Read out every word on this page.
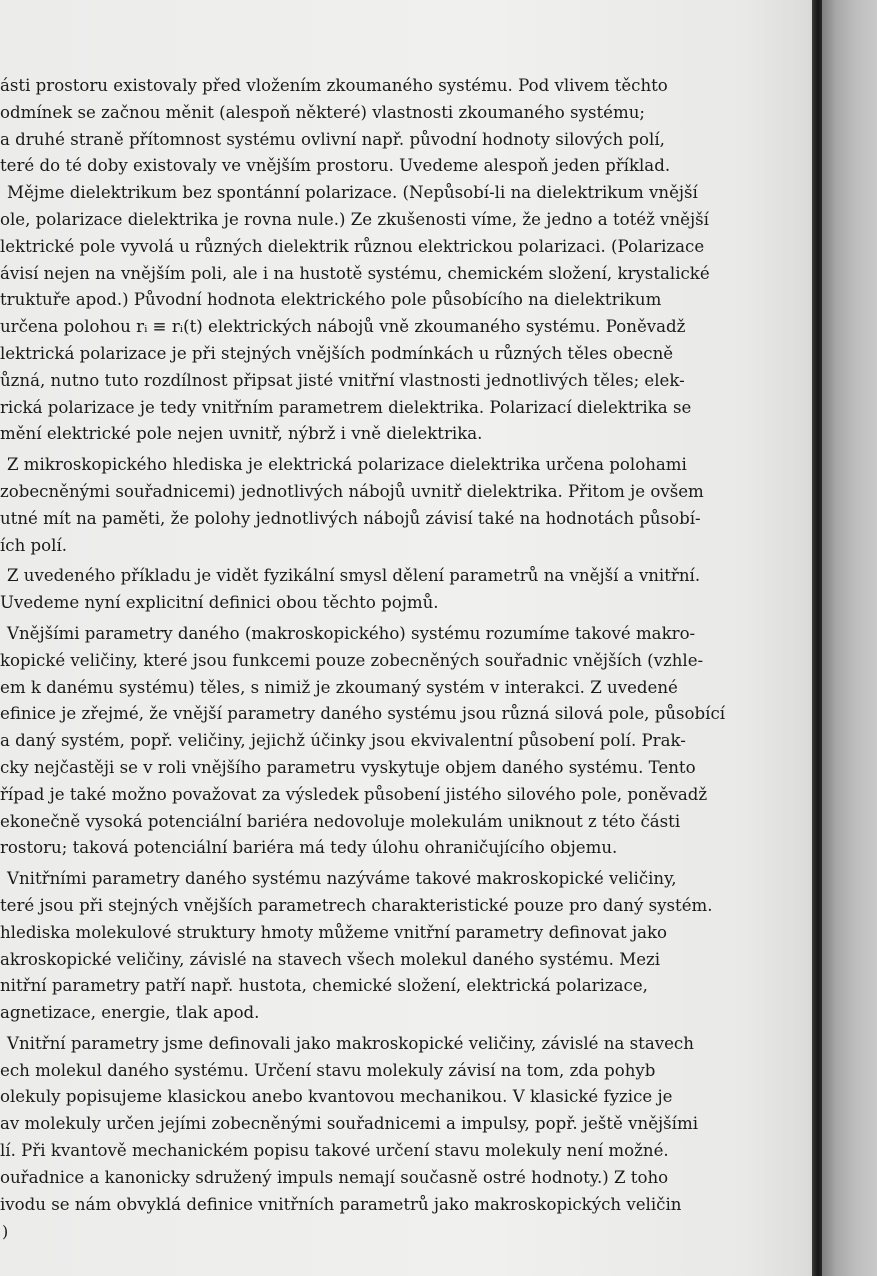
ásti prostoru existovaly před vložením zkoumaného systému. Pod vlivem těchto
odmínek se začnou měnit (alespoň některé) vlastnosti zkoumaného systému;
a druhé straně přítomnost systému ovlivní např. původní hodnoty silových polí,
teré do té doby existovaly ve vnějším prostoru. Uvedeme alespoň jeden příklad.
Mějme dielektrikum bez spontánní polarizace. (Nepůsobí-li na dielektrikum vnější
ole, polarizace dielektrika je rovna nule.) Ze zkušenosti víme, že jedno a totéž vnější
lektrické pole vyvolá u různých dielektrik různou elektrickou polarizaci. (Polarizace
ávisí nejen na vnějším poli, ale i na hustotě systému, chemickém složení, krystalické
truktuře apod.) Původní hodnota elektrického pole působícího na dielektrikum
určena polohou rᵢ ≡ rᵢ(t) elektrických nábojů vně zkoumaného systému. Poněvadž
lektrická polarizace je při stejných vnějších podmínkách u různých těles obecně
ůzná, nutno tuto rozdílnost připsat jisté vnitřní vlastnosti jednotlivých těles; elek-
rická polarizace je tedy vnitřním parametrem dielektrika. Polarizací dielektrika se
mění elektrické pole nejen uvnitř, nýbrž i vně dielektrika.

Z mikroskopického hlediska je elektrická polarizace dielektrika určena polohami
zobecněnými souřadnicemi) jednotlivých nábojů uvnitř dielektrika. Přitom je ovšem
utné mít na paměti, že polohy jednotlivých nábojů závisí také na hodnotách působí-
ích polí.

Z uvedeného příkladu je vidět fyzikální smysl dělení parametrů na vnější a vnitřní.
Uvedeme nyní explicitní definici obou těchto pojmů.

Vnějšími parametry daného (makroskopického) systému rozumíme takové makro-
kopické veličiny, které jsou funkcemi pouze zobecněných souřadnic vnějších (vzhle-
em k danému systému) těles, s nimiž je zkoumaný systém v interakci. Z uvedené
efinice je zřejmé, že vnější parametry daného systému jsou různá silová pole, působící
a daný systém, popř. veličiny, jejichž účinky jsou ekvivalentní působení polí. Prak-
cky nejčastěji se v roli vnějšího parametru vyskytuje objem daného systému. Tento
řípad je také možno považovat za výsledek působení jistého silového pole, poněvadž
ekonečně vysoká potenciální bariéra nedovoluje molekulám uniknout z této části
rostoru; taková potenciální bariéra má tedy úlohu ohraničujícího objemu.

Vnitřními parametry daného systému nazýváme takové makroskopické veličiny,
teré jsou při stejných vnějších parametrech charakteristické pouze pro daný systém.
hlediska molekulové struktury hmoty můžeme vnitřní parametry definovat jako
akroskopické veličiny, závislé na stavech všech molekul daného systému. Mezi
nitřní parametry patří např. hustota, chemické složení, elektrická polarizace,
agnetizace, energie, tlak apod.

Vnitřní parametry jsme definovali jako makroskopické veličiny, závislé na stavech
ech molekul daného systému. Určení stavu molekuly závisí na tom, zda pohyb
olekuly popisujeme klasickou anebo kvantovou mechanikou. V klasické fyzice je
av molekuly určen jejími zobecněnými souřadnicemi a impulsy, popř. ještě vnějšími
lí. Při kvantově mechanickém popisu takové určení stavu molekuly není možné.
ouřadnice a kanonicky sdružený impuls nemají současně ostré hodnoty.) Z toho
ivodu se nám obvyklá definice vnitřních parametrů jako makroskopických veličin

)
